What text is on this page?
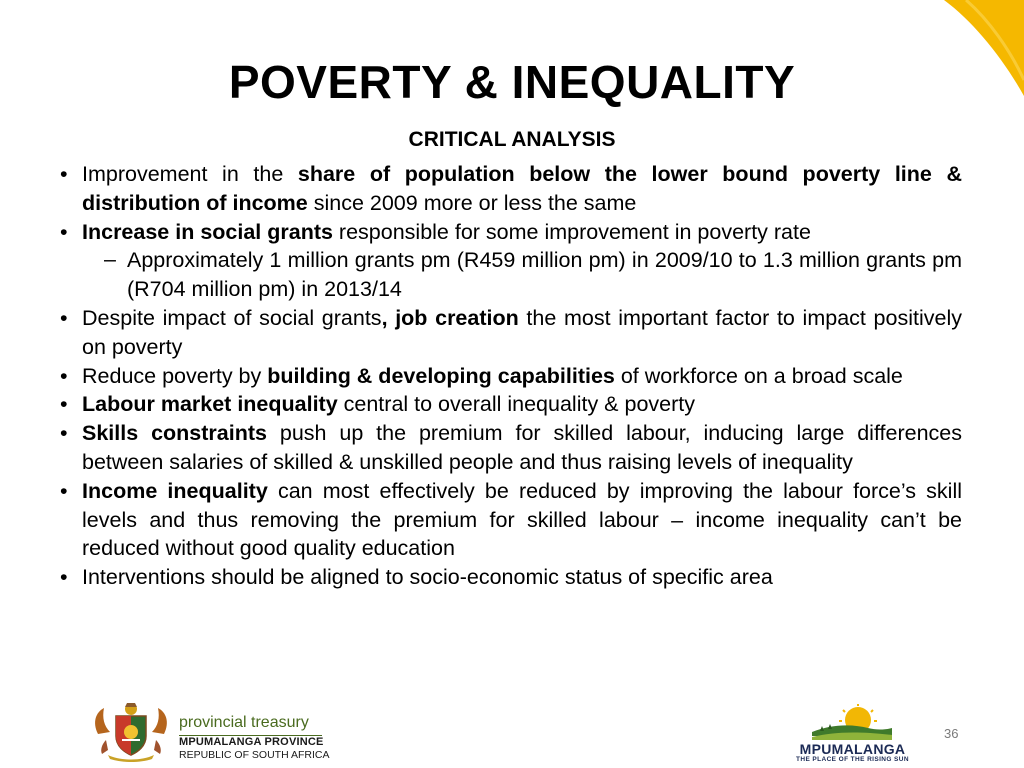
POVERTY & INEQUALITY
CRITICAL ANALYSIS
• Improvement in the share of population below the lower bound poverty line & distribution of income since 2009 more or less the same
• Increase in social grants responsible for some improvement in poverty rate
– Approximately 1 million grants pm (R459 million pm) in 2009/10 to 1.3 million grants pm (R704 million pm) in 2013/14
• Despite impact of social grants, job creation the most important factor to impact positively on poverty
• Reduce poverty by building & developing capabilities of workforce on a broad scale
• Labour market inequality central to overall inequality & poverty
• Skills constraints push up the premium for skilled labour, inducing large differences between salaries of skilled & unskilled people and thus raising levels of inequality
• Income inequality can most effectively be reduced by improving the labour force’s skill levels and thus removing the premium for skilled labour – income inequality can’t be reduced without good quality education
• Interventions should be aligned to socio-economic status of specific area
provincial treasury
MPUMALANGA PROVINCE
REPUBLIC OF SOUTH AFRICA
36
MPUMALANGA
THE PLACE OF THE RISING SUN
